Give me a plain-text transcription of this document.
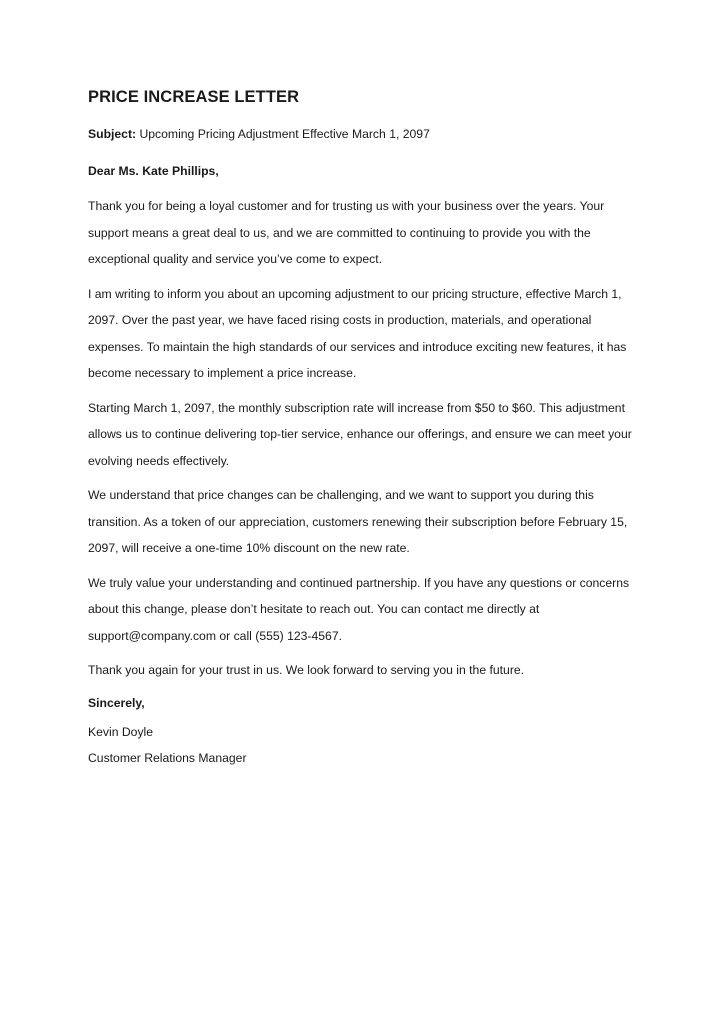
PRICE INCREASE LETTER

Subject: Upcoming Pricing Adjustment Effective March 1, 2097

Dear Ms. Kate Phillips,

Thank you for being a loyal customer and for trusting us with your business over the years. Your support means a great deal to us, and we are committed to continuing to provide you with the exceptional quality and service you’ve come to expect.

I am writing to inform you about an upcoming adjustment to our pricing structure, effective March 1, 2097. Over the past year, we have faced rising costs in production, materials, and operational expenses. To maintain the high standards of our services and introduce exciting new features, it has become necessary to implement a price increase.

Starting March 1, 2097, the monthly subscription rate will increase from $50 to $60. This adjustment allows us to continue delivering top-tier service, enhance our offerings, and ensure we can meet your evolving needs effectively.

We understand that price changes can be challenging, and we want to support you during this transition. As a token of our appreciation, customers renewing their subscription before February 15, 2097, will receive a one-time 10% discount on the new rate.

We truly value your understanding and continued partnership. If you have any questions or concerns about this change, please don’t hesitate to reach out. You can contact me directly at support@company.com or call (555) 123-4567.

Thank you again for your trust in us. We look forward to serving you in the future.

Sincerely,

Kevin Doyle

Customer Relations Manager
